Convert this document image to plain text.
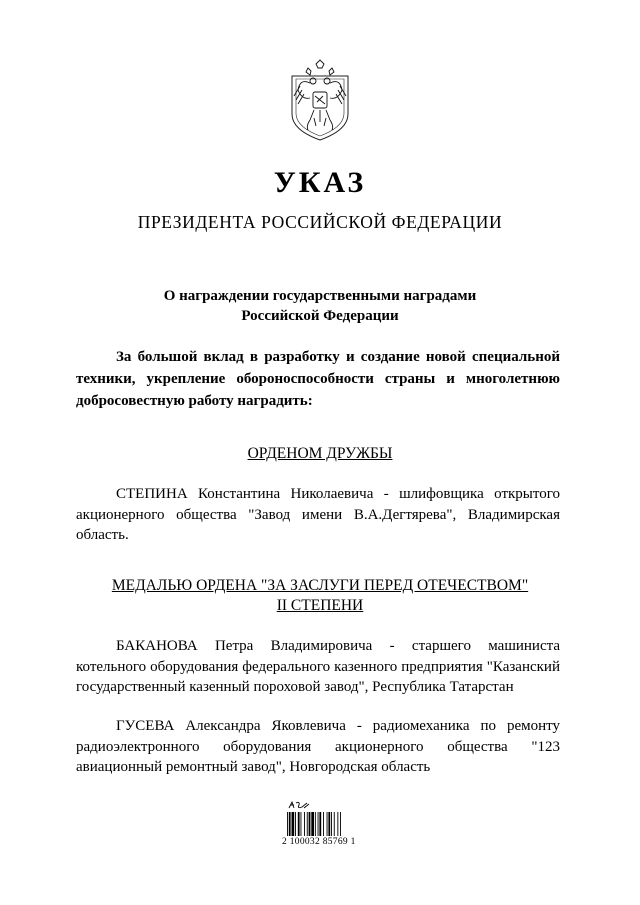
УКАЗ
ПРЕЗИДЕНТА РОССИЙСКОЙ ФЕДЕРАЦИИ
О награждении государственными наградами
Российской Федерации
За большой вклад в разработку и создание новой специальной техники, укрепление обороноспособности страны и многолетнюю добросовестную работу наградить:
ОРДЕНОМ ДРУЖБЫ
СТЕПИНА Константина Николаевича - шлифовщика открытого акционерного общества "Завод имени В.А.Дегтярева", Владимирская область.
МЕДАЛЬЮ ОРДЕНА "ЗА ЗАСЛУГИ ПЕРЕД ОТЕЧЕСТВОМ"
II СТЕПЕНИ
БАКАНОВА Петра Владимировича - старшего машиниста котельного оборудования федерального казенного предприятия "Казанский государственный казенный пороховой завод", Республика Татарстан
ГУСЕВА Александра Яковлевича - радиомеханика по ремонту радиоэлектронного оборудования акционерного общества "123 авиационный ремонтный завод", Новгородская область
2 100032 85769 1
